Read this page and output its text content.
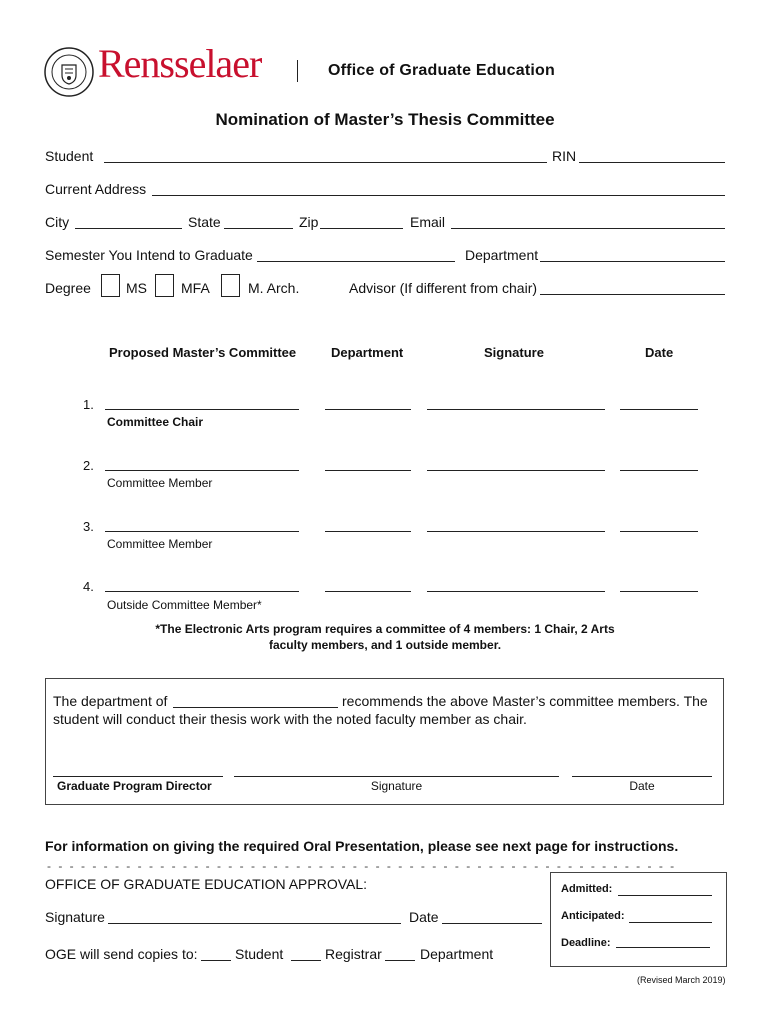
Rensselaer	Office of Graduate Education
Nomination of Master’s Thesis Committee
Student	RIN
Current Address
City	State	Zip	Email
Semester You Intend to Graduate	Department
Degree	MS MFA	M. Arch.	Advisor (If different from chair)
Proposed Master’s Committee	Department	Signature	Date
1.
Committee Chair
2.
Committee Member
3.
Committee Member
4.
Outside Committee Member*
*The Electronic Arts program requires a committee of 4 members: 1 Chair, 2 Arts
faculty members, and 1 outside member.
The department of	recommends the above Master’s committee members. The
student will conduct their thesis work with the noted faculty member as chair.
Graduate Program Director	Signature	Date
For information on giving the required Oral Presentation, please see next page for instructions.
- - - - - - - - - - - - - - - - - - - - - - - - - - - - - - - - - - - - - - - - - - - - - - - - - - - - - - - -
OFFICE OF GRADUATE EDUCATION APPROVAL:
Signature	Date
OGE will send copies to:	Student	Registrar	Department
Admitted:
Anticipated:
Deadline:
(Revised March 2019)
